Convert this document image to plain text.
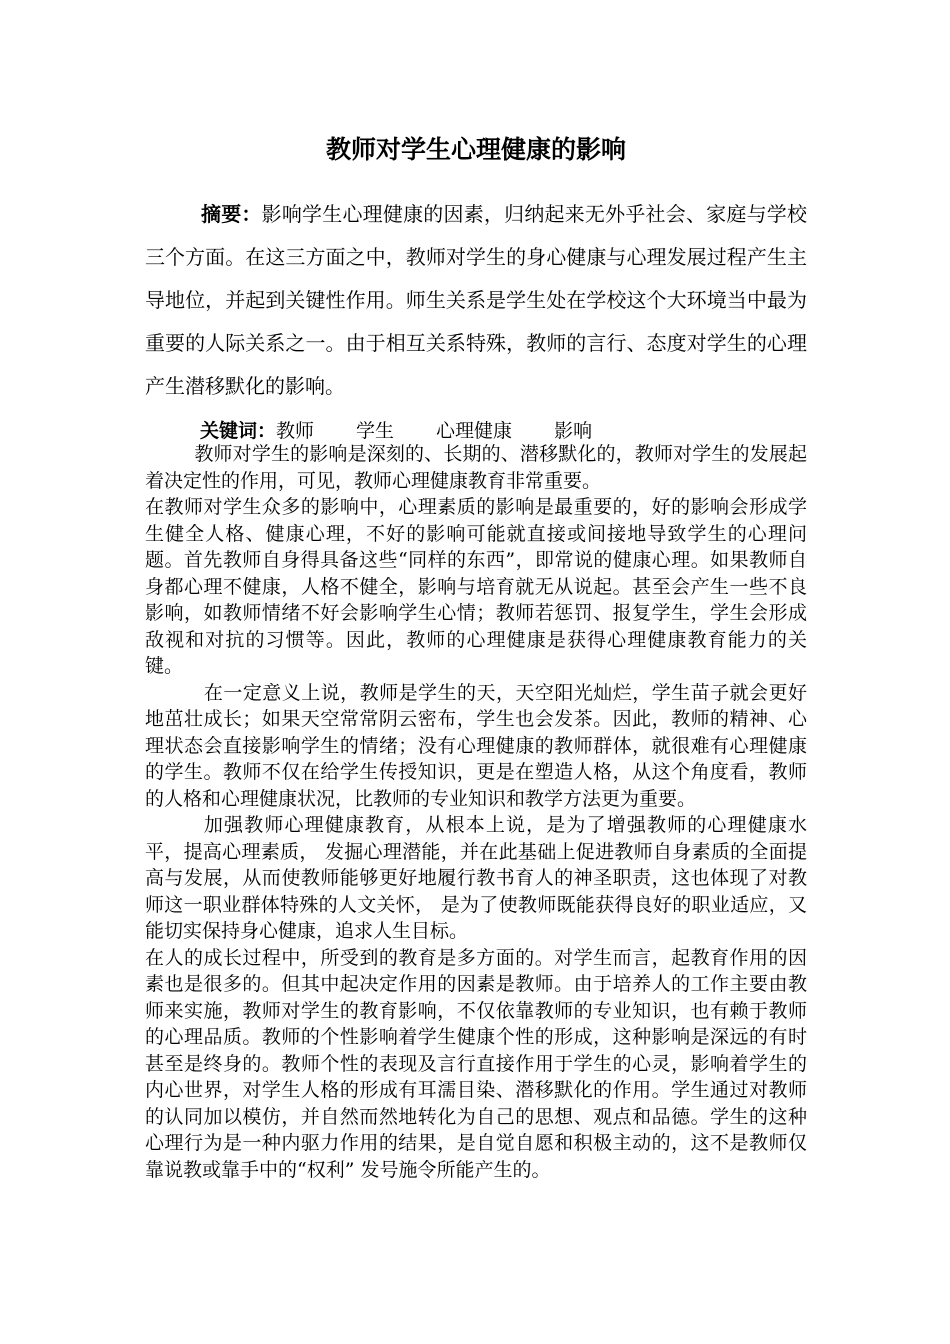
教师对学生心理健康的影响

摘要：影响学生心理健康的因素，归纳起来无外乎社会、家庭与学校三个方面。在这三方面之中，教师对学生的身心健康与心理发展过程产生主导地位，并起到关键性作用。师生关系是学生处在学校这个大环境当中最为重要的人际关系之一。由于相互关系特殊，教师的言行、态度对学生的心理产生潜移默化的影响。

关键词：教师 学生 心理健康 影响

教师对学生的影响是深刻的、长期的、潜移默化的，教师对学生的发展起着决定性的作用，可见，教师心理健康教育非常重要。

在教师对学生众多的影响中，心理素质的影响是最重要的，好的影响会形成学生健全人格、健康心理，不好的影响可能就直接或间接地导致学生的心理问题。首先教师自身得具备这些“同样的东西”，即常说的健康心理。如果教师自身都心理不健康，人格不健全，影响与培育就无从说起。甚至会产生一些不良影响，如教师情绪不好会影响学生心情；教师若惩罚、报复学生，学生会形成敌视和对抗的习惯等。因此，教师的心理健康是获得心理健康教育能力的关键。

在一定意义上说，教师是学生的天，天空阳光灿烂，学生苗子就会更好地茁壮成长；如果天空常常阴云密布，学生也会发茶。因此，教师的精神、心理状态会直接影响学生的情绪；没有心理健康的教师群体，就很难有心理健康的学生。教师不仅在给学生传授知识，更是在塑造人格，从这个角度看，教师的人格和心理健康状况，比教师的专业知识和教学方法更为重要。

加强教师心理健康教育，从根本上说，是为了增强教师的心理健康水平，提高心理素质， 发掘心理潜能，并在此基础上促进教师自身素质的全面提高与发展，从而使教师能够更好地履行教书育人的神圣职责，这也体现了对教师这一职业群体特殊的人文关怀， 是为了使教师既能获得良好的职业适应，又能切实保持身心健康，追求人生目标。

在人的成长过程中，所受到的教育是多方面的。对学生而言，起教育作用的因素也是很多的。但其中起决定作用的因素是教师。由于培养人的工作主要由教师来实施，教师对学生的教育影响，不仅依靠教师的专业知识，也有赖于教师的心理品质。教师的个性影响着学生健康个性的形成，这种影响是深远的有时甚至是终身的。教师个性的表现及言行直接作用于学生的心灵，影响着学生的内心世界，对学生人格的形成有耳濡目染、潜移默化的作用。学生通过对教师的认同加以模仿，并自然而然地转化为自己的思想、观点和品德。学生的这种心理行为是一种内驱力作用的结果，是自觉自愿和积极主动的，这不是教师仅靠说教或靠手中的“权利” 发号施令所能产生的。
